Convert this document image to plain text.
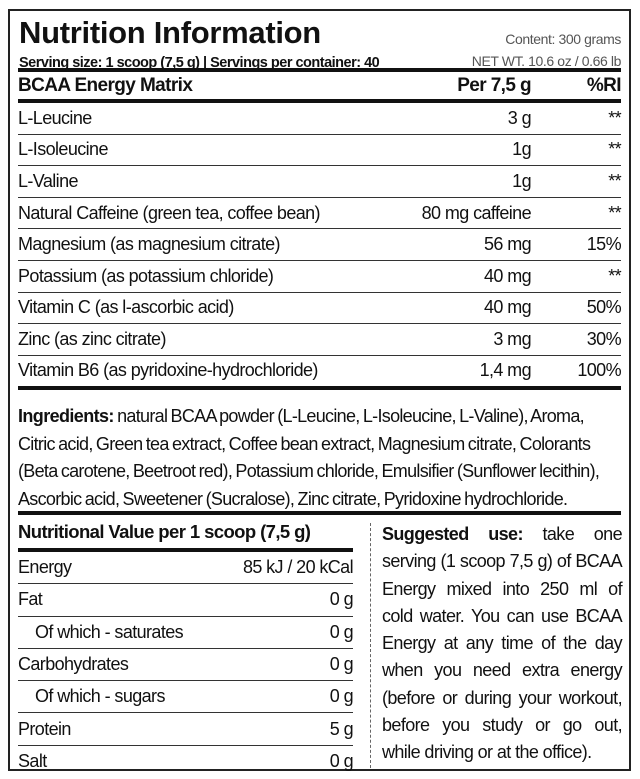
Nutrition Information
Serving size: 1 scoop (7,5 g) | Servings per container: 40
Content: 300 grams
NET WT. 10.6 oz / 0.66 lb
BCAA Energy Matrix	Per 7,5 g	%RI
L-Leucine	3 g	**
L-Isoleucine	1g	**
L-Valine	1g	**
Natural Caffeine (green tea, coffee bean)	80 mg caffeine	**
Magnesium (as magnesium citrate)	56 mg	15%
Potassium (as potassium chloride)	40 mg	**
Vitamin C (as l-ascorbic acid)	40 mg	50%
Zinc (as zinc citrate)	3 mg	30%
Vitamin B6 (as pyridoxine-hydrochloride)	1,4 mg	100%
Ingredients: natural BCAA powder (L-Leucine, L-Isoleucine, L-Valine), Aroma, Citric acid, Green tea extract, Coffee bean extract, Magnesium citrate, Colorants (Beta carotene, Beetroot red), Potassium chloride, Emulsifier (Sunflower lecithin), Ascorbic acid, Sweetener (Sucralose), Zinc citrate, Pyridoxine hydrochloride.
Nutritional Value per 1 scoop (7,5 g)
Energy	85 kJ / 20 kCal
Fat	0 g
Of which - saturates	0 g
Carbohydrates	0 g
Of which - sugars	0 g
Protein	5 g
Salt	0 g
Suggested use: take one serving (1 scoop 7,5 g) of BCAA Energy mixed into 250 ml of cold water. You can use BCAA Energy at any time of the day when you need extra energy (before or during your workout, before you study or go out, while driving or at the office).
